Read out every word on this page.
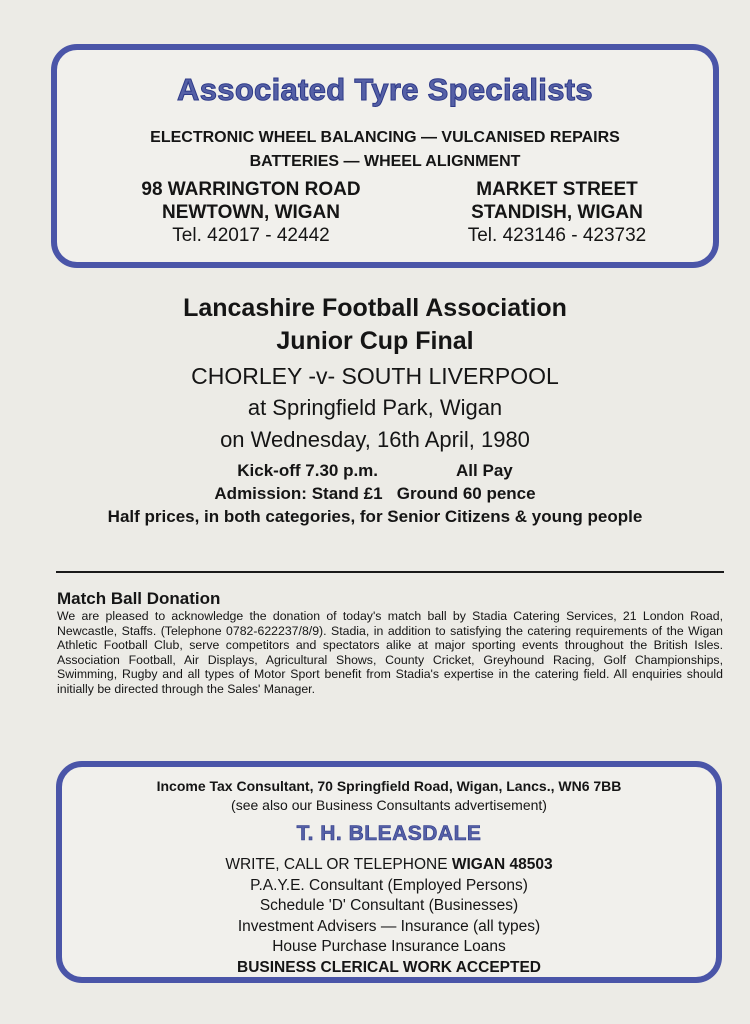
Associated Tyre Specialists
ELECTRONIC WHEEL BALANCING — VULCANISED REPAIRS
BATTERIES — WHEEL ALIGNMENT
98 WARRINGTON ROAD
NEWTOWN, WIGAN
Tel. 42017 - 42442
MARKET STREET
STANDISH, WIGAN
Tel. 423146 - 423732
Lancashire Football Association
Junior Cup Final
CHORLEY -v- SOUTH LIVERPOOL
at Springfield Park, Wigan
on Wednesday, 16th April, 1980
Kick-off 7.30 p.m.	All Pay
Admission: Stand £1   Ground 60 pence
Half prices, in both categories, for Senior Citizens & young people
Match Ball Donation
We are pleased to acknowledge the donation of today's match ball by Stadia Catering Services, 21 London Road, Newcastle, Staffs. (Telephone 0782-622237/8/9). Stadia, in addition to satisfying the catering requirements of the Wigan Athletic Football Club, serve competitors and spectators alike at major sporting events throughout the British Isles. Association Football, Air Displays, Agricultural Shows, County Cricket, Greyhound Racing, Golf Championships, Swimming, Rugby and all types of Motor Sport benefit from Stadia's expertise in the catering field. All enquiries should initially be directed through the Sales' Manager.
Income Tax Consultant, 70 Springfield Road, Wigan, Lancs., WN6 7BB
(see also our Business Consultants advertisement)
T. H. BLEASDALE
WRITE, CALL OR TELEPHONE WIGAN 48503
P.A.Y.E. Consultant (Employed Persons)
Schedule 'D' Consultant (Businesses)
Investment Advisers — Insurance (all types)
House Purchase Insurance Loans
BUSINESS CLERICAL WORK ACCEPTED
